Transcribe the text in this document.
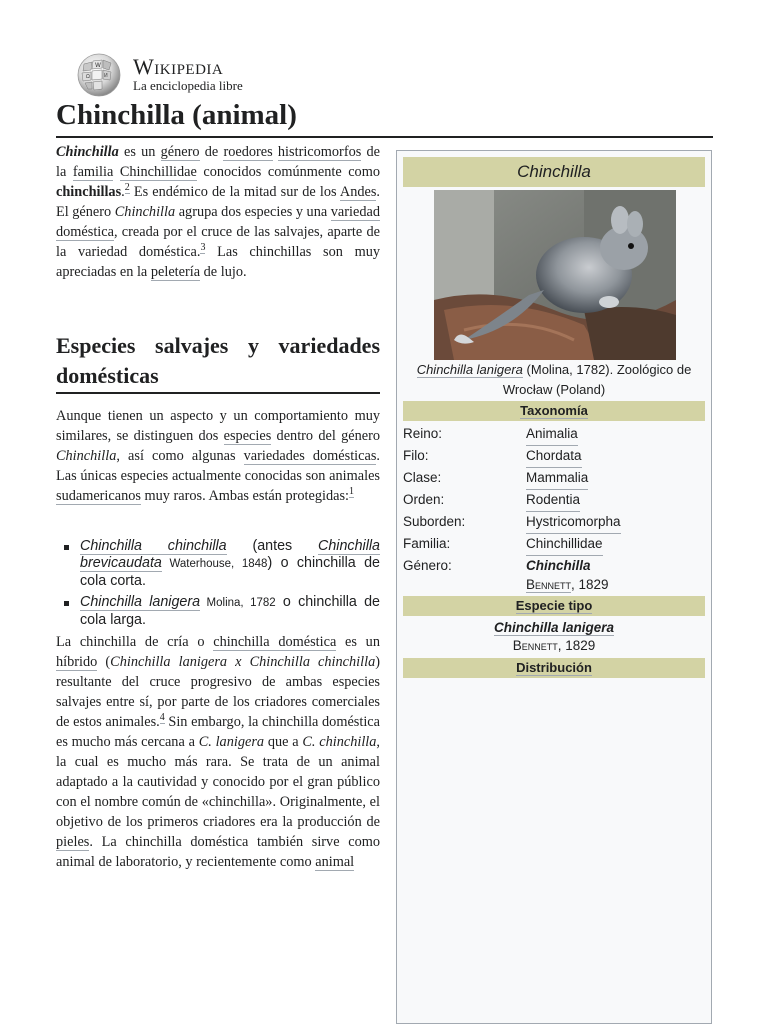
W
Ω	И Wikipedia
La enciclopedia libre
Chinchilla (animal)

Chinchilla es un género de roedores histricomorfos de la familia Chinchillidae conocidos comúnmente como chinchillas.$^2$ Es endémico de la mitad sur de los Andes. El género Chinchilla agrupa dos especies y una variedad doméstica, creada por el cruce de las salvajes, aparte de la variedad doméstica.$^3$ Las chinchillas son muy apreciadas en la peletería de lujo.

Especies salvajes y variedades domésticas

Aunque tienen un aspecto y un comportamiento muy similares, se distinguen dos especies dentro del género Chinchilla, así como algunas variedades domésticas. Las únicas especies actualmente conocidas son animales sudamericanos muy raros. Ambas están protegidas:$^1$

Chinchilla chinchilla (antes Chinchilla brevicaudata Waterhouse, 1848) o chinchilla de cola corta.
Chinchilla lanigera Molina, 1782 o chinchilla de cola larga.

La chinchilla de cría o chinchilla doméstica es un híbrido (Chinchilla lanigera x Chinchilla chinchilla) resultante del cruce progresivo de ambas especies salvajes entre sí, por parte de los criadores comerciales de estos animales.$^4$ Sin embargo, la chinchilla doméstica es mucho más cercana a C. lanigera que a C. chinchilla, la cual es mucho más rara. Se trata de un animal adaptado a la cautividad y conocido por el gran público con el nombre común de «chinchilla». Originalmente, el objetivo de los primeros criadores era la producción de pieles. La chinchilla doméstica también sirve como animal de laboratorio, y recientemente como animal

Chinchilla
Chinchilla lanigera (Molina, 1782). Zoológico de Wrocław (Poland)
Taxonomía
Reino:	Animalia
Filo:	Chordata
Clase:	Mammalia
Orden:	Rodentia
Suborden:	Hystricomorpha
Familia:	Chinchillidae
Género:	Chinchilla
Bennett, 1829
Especie tipo
Chinchilla lanigera
Bennett, 1829
Distribución
